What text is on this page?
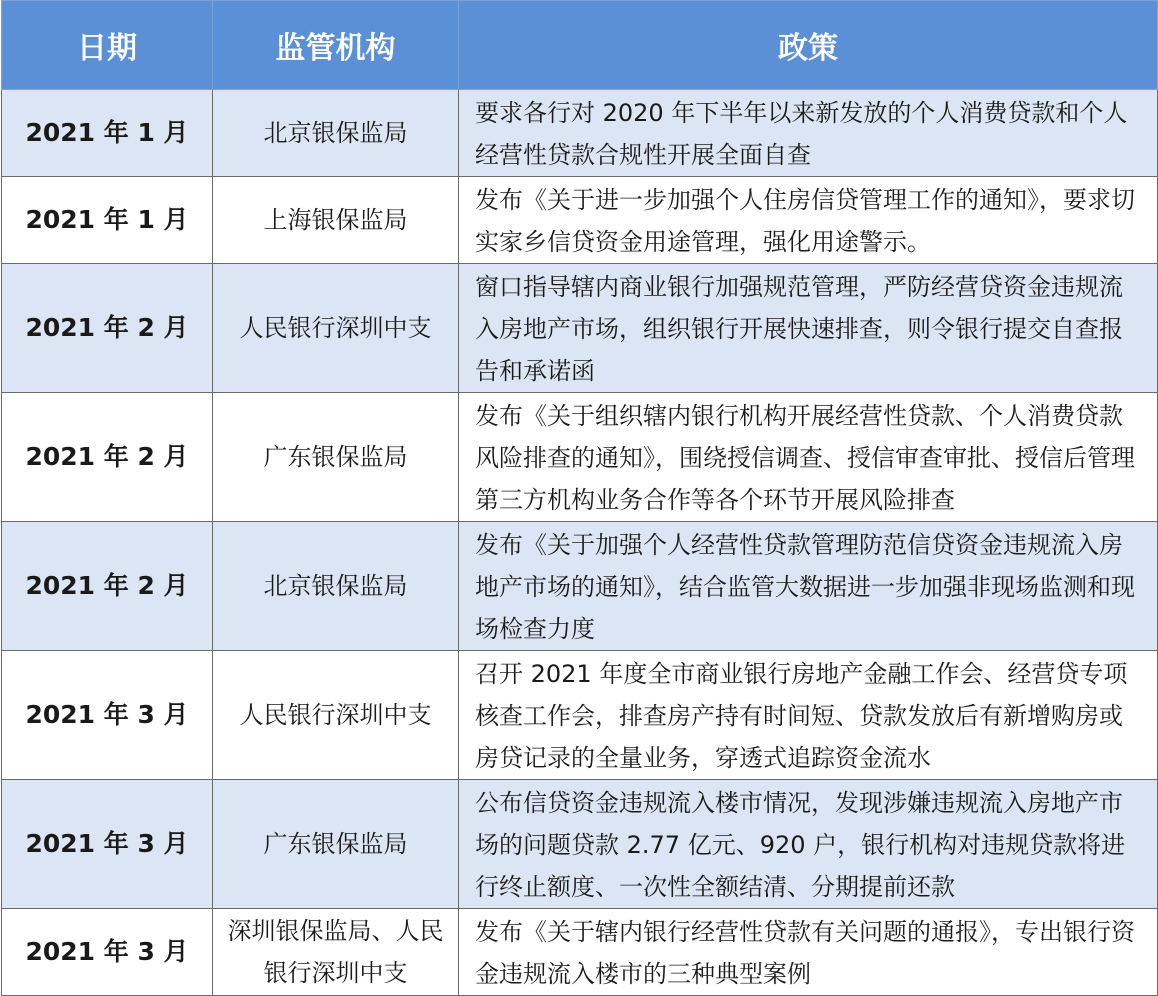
日期	监管机构	政策
2021 年 1 月	北京银保监局	要求各行对 2020 年下半年以来新发放的个人消费贷款和个人经营性贷款合规性开展全面自查
2021 年 1 月	上海银保监局	发布《关于进一步加强个人住房信贷管理工作的通知》，要求切实家乡信贷资金用途管理，强化用途警示。
2021 年 2 月	人民银行深圳中支	窗口指导辖内商业银行加强规范管理，严防经营贷资金违规流入房地产市场，组织银行开展快速排查，则令银行提交自查报告和承诺函
2021 年 2 月	广东银保监局	发布《关于组织辖内银行机构开展经营性贷款、个人消费贷款风险排查的通知》，围绕授信调查、授信审查审批、授信后管理第三方机构业务合作等各个环节开展风险排查
2021 年 2 月	北京银保监局	发布《关于加强个人经营性贷款管理防范信贷资金违规流入房地产市场的通知》，结合监管大数据进一步加强非现场监测和现场检查力度
2021 年 3 月	人民银行深圳中支	召开 2021 年度全市商业银行房地产金融工作会、经营贷专项核查工作会，排查房产持有时间短、贷款发放后有新增购房或房贷记录的全量业务，穿透式追踪资金流水
2021 年 3 月	广东银保监局	公布信贷资金违规流入楼市情况，发现涉嫌违规流入房地产市场的问题贷款 2.77 亿元、920 户，银行机构对违规贷款将进行终止额度、一次性全额结清、分期提前还款
2021 年 3 月	深圳银保监局、人民银行深圳中支	发布《关于辖内银行经营性贷款有关问题的通报》，专出银行资金违规流入楼市的三种典型案例
